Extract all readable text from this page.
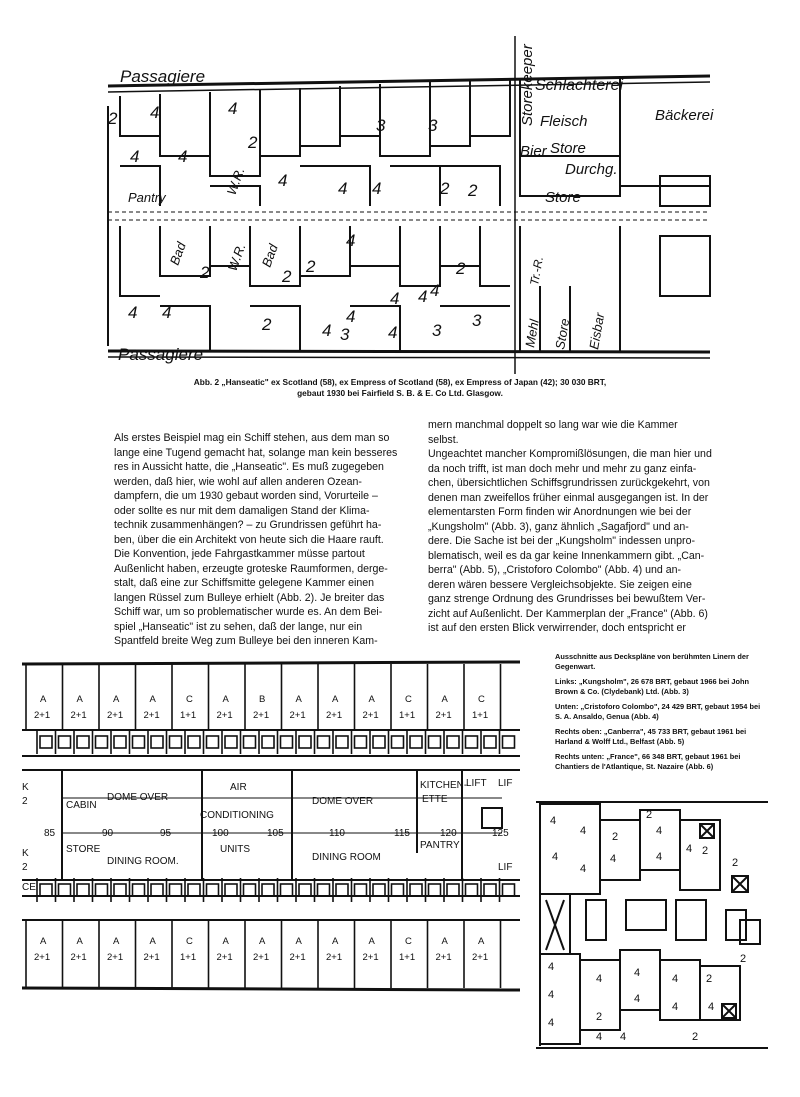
Passagiere
Passagiere
Storekeeper Schlachterei
Fleisch	Bäckerei
Bier Store
Durchg.
Store
Pantry
W.R.
W.R.
Bad	Bad	Tr.-R.
Mehl Store Eisbar
2 4	4
4 4
2
3	3
4
4	4	2 2
2
4 4
2	2
2
4
4 4
3
4
2	4
4
4
3
3
Abb. 2 „Hanseatic" ex Scotland (58), ex Empress of Scotland (58), ex Empress of Japan (42); 30 030 BRT,
gebaut 1930 bei Fairfield S. B. & E. Co Ltd. Glasgow.

Als erstes Beispiel mag ein Schiff stehen, aus dem man so

lange eine Tugend gemacht hat, solange man kein besseres

res in Aussicht hatte, die „Hanseatic". Es muß zugegeben

werden, daß hier, wie wohl auf allen anderen Ozean-

dampfern, die um 1930 gebaut worden sind, Vorurteile –

oder sollte es nur mit dem damaligen Stand der Klima-

technik zusammenhängen? – zu Grundrissen geführt ha-

ben, über die ein Architekt von heute sich die Haare rauft.

Die Konvention, jede Fahrgastkammer müsse partout

Außenlicht haben, erzeugte groteske Raumformen, derge-

stalt, daß eine zur Schiffsmitte gelegene Kammer einen

langen Rüssel zum Bulleye erhielt (Abb. 2). Je breiter das

Schiff war, um so problematischer wurde es. An dem Bei-

spiel „Hanseatic" ist zu sehen, daß der lange, nur ein

Spantfeld breite Weg zum Bulleye bei den inneren Kam-

mern manchmal doppelt so lang war wie die Kammer

selbst.

Ungeachtet mancher Kompromißlösungen, die man hier und

da noch trifft, ist man doch mehr und mehr zu ganz einfa-

chen, übersichtlichen Schiffsgrundrissen zurückgekehrt, von

denen man zweifellos früher einmal ausgegangen ist. In der

elementarsten Form finden wir Anordnungen wie bei der

„Kungsholm" (Abb. 3), ganz ähnlich „Sagafjord" und an-

dere. Die Sache ist bei der „Kungsholm" indessen unpro-

blematisch, weil es da gar keine Innenkammern gibt. „Can-

berra" (Abb. 5), „Cristoforo Colombo" (Abb. 4) und an-

deren wären bessere Vergleichsobjekte. Sie zeigen eine

ganz strenge Ordnung des Grundrisses bei bewußtem Ver-

zicht auf Außenlicht. Der Kammerplan der „France" (Abb. 6)

ist auf den ersten Blick verwirrender, doch entspricht er

A
2+1
A
2+1
A
2+1
A
2+1
C
1+1
A
2+1
B
2+1
A
2+1
A
2+1
A
2+1
C
1+1
A
2+1
C
1+1
A
2+1
A
2+1
A
2+1
A
2+1
C
1+1
A
2+1
A
2+1
A
2+1
A
2+1
A
2+1
C
1+1
A
2+1
A
2+1
K
2	CABIN
DOME OVER
AIR
CONDITIONING
DOME OVER
KITCHEN-
ETTE
LIFT LIF
85	90	95	100	105	110	115	120	125
K
2
STORE
DINING ROOM.
UNITS
DINING ROOM
PANTRY
LIF
CE

Ausschnitte aus Deckspläne von berühmten Linern der Gegenwart.

Links: „Kungsholm", 26 678 BRT, gebaut 1966 bei John Brown & Co. (Clydebank) Ltd. (Abb. 3)

Unten: „Cristoforo Colombo", 24 429 BRT, gebaut 1954 bei S. A. Ansaldo, Genua (Abb. 4)

Rechts oben: „Canberra", 45 733 BRT, gebaut 1961 bei Harland & Wolff Ltd., Belfast (Abb. 5)

Rechts unten: „France", 66 348 BRT, gebaut 1961 bei Chantiers de l'Atlantique, St. Nazaire (Abb. 6)

4
4 2	4
4
4
2
4
4
4
2
2
4
4
4
4
2
4
4
4
4
2
4
2
4 4
2
